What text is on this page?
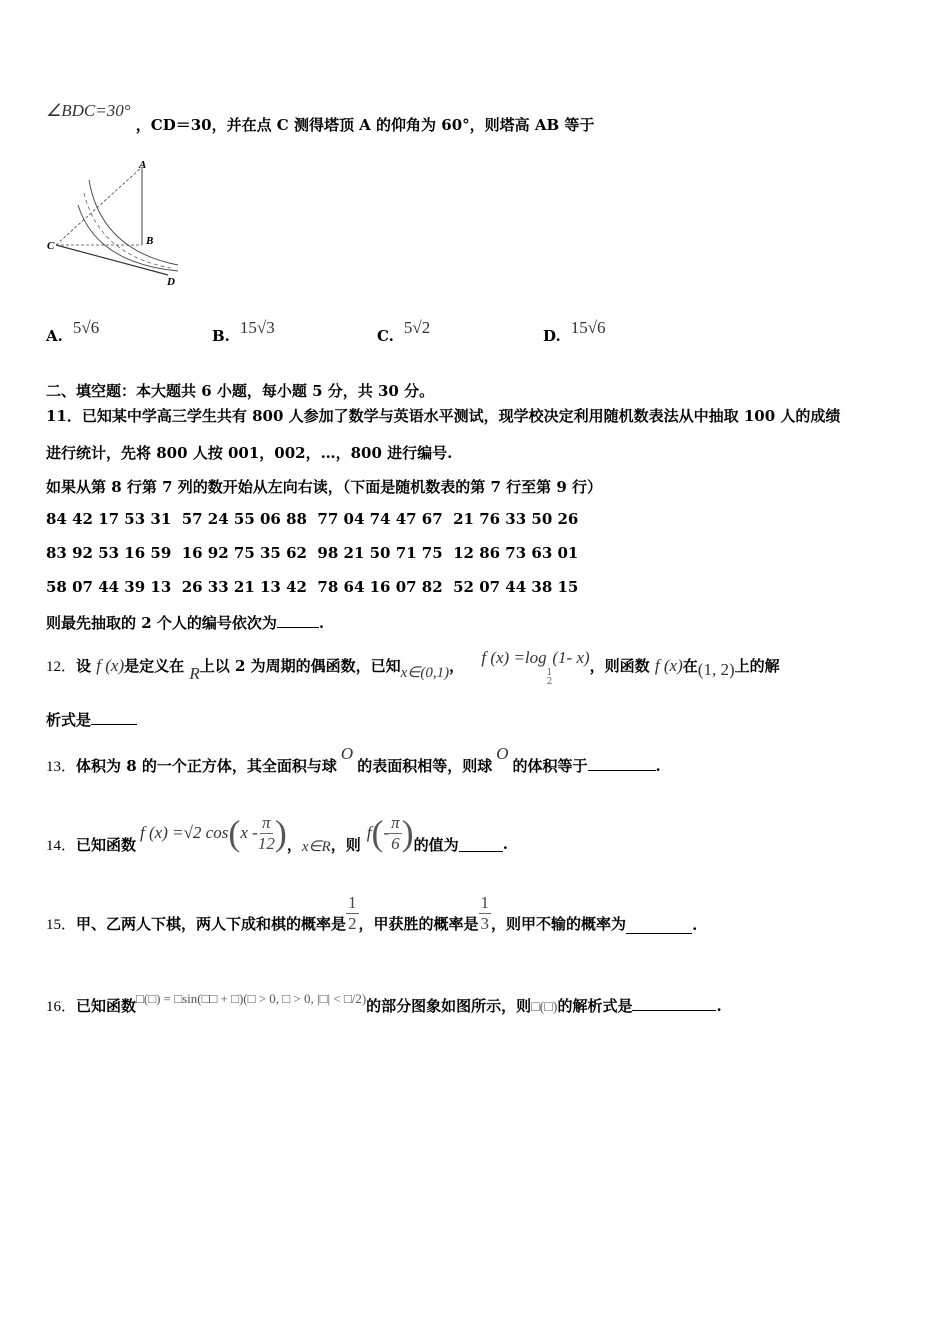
∠BDC=30° ，CD＝30，并在点 C 测得塔顶 A 的仰角为 60°，则塔高 AB 等于
A
B
C
D
A. 5√6	B. 15√3	C. 5√2	D. 15√6
二、填空题：本大题共 6 小题，每小题 5 分，共 30 分。
11．已知某中学高三学生共有 800 人参加了数学与英语水平测试，现学校决定利用随机数表法从中抽取 100 人的成绩
进行统计，先将 800 人按 001，002，…，800 进行编号.
如果从第 8 行第 7 列的数开始从左向右读，（下面是随机数表的第 7 行至第 9 行）
84 42 17 53 31  57 24 55 06 88  77 04 74 47 67  21 76 33 50 26
83 92 53 16 59  16 92 75 35 62  98 21 50 71 75  12 86 73 63 01
58 07 44 39 13  26 33 21 13 42  78 64 16 07 82  52 07 44 38 15
则最先抽取的 2 个人的编号依次为	.
12．设 f (x)是定义在 R上以 2 为周期的偶函数，已知x∈(0,1)， f (x) =log
1
2
(1- x)，则函数 f (x)在(1, 2)上的解
析式是
13．体积为 8 的一个正方体，其全面积与球O的表面积相等，则球O的体积等于	.
14． 已知函数
f (x) =√2 cos ( x - $\frac{\pi}{12}$ ) ， x∈R ，则
f ( - $\frac{\pi}{6}$ ) 的值为	.
15． 甲、乙两人下棋，两人下成和棋的概率是 $\frac{1}{2}$ ，甲获胜的概率是 $\frac{1}{3}$ ，则甲不输的概率为	.
16．已知函数□(□) = □sin(□□ + □)(□ > 0, □ > 0, |□| < □/2)的部分图象如图所示，则□(□)的解析式是	.
